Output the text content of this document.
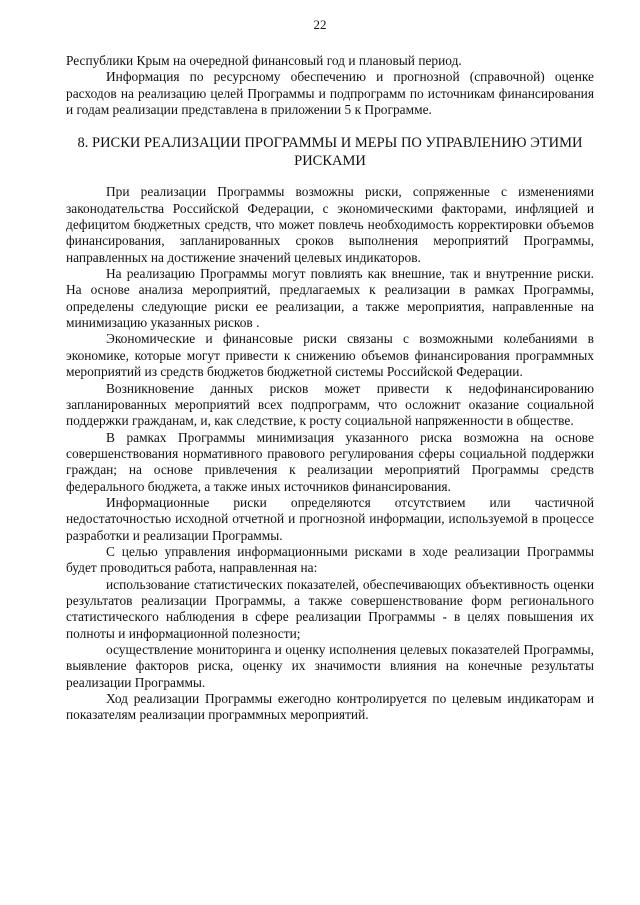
22

Республики Крым на очередной финансовый год и плановый период.

Информация по ресурсному обеспечению и прогнозной (справочной) оценке расходов на реализацию целей Программы и подпрограмм по источникам финансирования и годам реализации представлена в приложении 5 к Программе.

8. РИСКИ РЕАЛИЗАЦИИ ПРОГРАММЫ И МЕРЫ ПО УПРАВЛЕНИЮ ЭТИМИ РИСКАМИ

При реализации Программы возможны риски, сопряженные с изменениями законодательства Российской Федерации, с экономическими факторами, инфляцией и дефицитом бюджетных средств, что может повлечь необходимость корректировки объемов финансирования, запланированных сроков выполнения мероприятий Программы, направленных на достижение значений целевых индикаторов.

На реализацию Программы могут повлиять как внешние, так и внутренние риски. На основе анализа мероприятий, предлагаемых к реализации в рамках Программы, определены следующие риски ее реализации, а также мероприятия, направленные на минимизацию указанных рисков .

Экономические и финансовые риски связаны с возможными колебаниями в экономике, которые могут привести к снижению объемов финансирования программных мероприятий из средств бюджетов бюджетной системы Российской Федерации.

Возникновение данных рисков может привести к недофинансированию запланированных мероприятий всех подпрограмм, что осложнит оказание социальной поддержки гражданам, и, как следствие, к росту социальной напряженности в обществе.

В рамках Программы минимизация указанного риска возможна на основе совершенствования нормативного правового регулирования сферы социальной поддержки граждан; на основе привлечения к реализации мероприятий Программы средств федерального бюджета, а также иных источников финансирования.

Информационные риски определяются отсутствием или частичной недостаточностью исходной отчетной и прогнозной информации, используемой в процессе разработки и реализации Программы.

С целью управления информационными рисками в ходе реализации Программы будет проводиться работа, направленная на:

использование статистических показателей, обеспечивающих объективность оценки результатов реализации Программы, а также совершенствование форм регионального статистического наблюдения в сфере реализации Программы - в целях повышения их полноты и информационной полезности;

осуществление мониторинга и оценку исполнения целевых показателей Программы, выявление факторов риска, оценку их значимости влияния на конечные результаты реализации Программы.

Ход реализации Программы ежегодно контролируется по целевым индикаторам и показателям реализации программных мероприятий.
